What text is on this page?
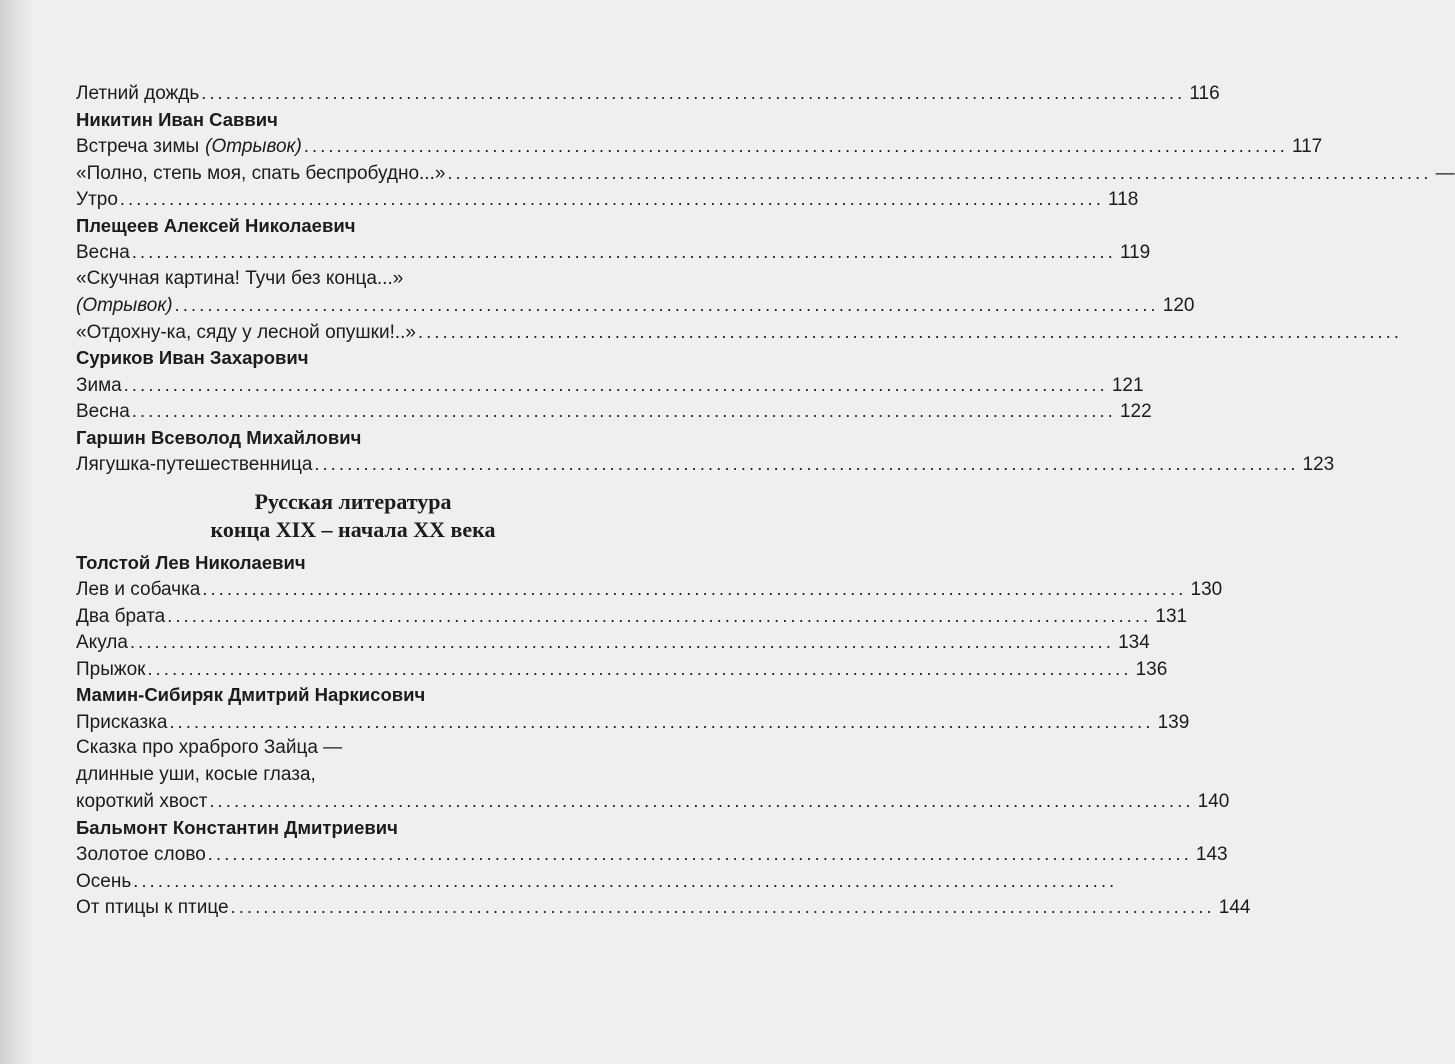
Летний дождь ........................................................................................................................ 116
Никитин Иван Саввич
Встреча зимы (Отрывок) ........................................................................................................................ 117
«Полно, степь моя, спать беспробудно...» ........................................................................................................................ —
Утро ........................................................................................................................ 118
Плещеев Алексей Николаевич
Весна ........................................................................................................................ 119
«Скучная картина! Тучи без конца...»
(Отрывок) ........................................................................................................................ 120
«Отдохну-ка, сяду у лесной опушки!..» ........................................................................................................................
Суриков Иван Захарович
Зима ........................................................................................................................ 121
Весна ........................................................................................................................ 122
Гаршин Всеволод Михайлович
Лягушка-путешественница ........................................................................................................................ 123
Русская литература
конца XIX – начала XX века
Толстой Лев Николаевич
Лев и собачка ........................................................................................................................ 130
Два брата ........................................................................................................................ 131
Акула ........................................................................................................................ 134
Прыжок ........................................................................................................................ 136
Мамин-Сибиряк Дмитрий Наркисович
Присказка ........................................................................................................................ 139
Сказка про храброго Зайца —
длинные уши, косые глаза,
короткий хвост ........................................................................................................................ 140
Бальмонт Константин Дмитриевич
Золотое слово ........................................................................................................................ 143
Осень ........................................................................................................................
От птицы к птице ........................................................................................................................ 144
